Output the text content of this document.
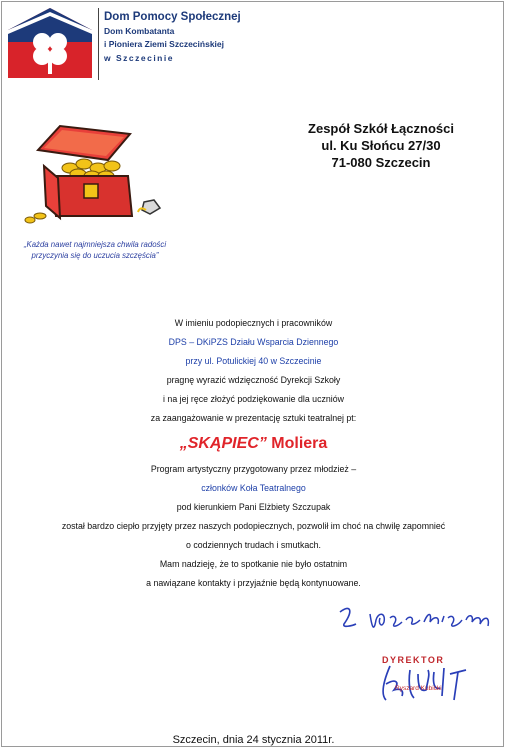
Dom Pomocy Społecznej
Dom Kombatanta
i Pioniera Ziemi Szczecińskiej
w Szczecinie
Zespół Szkół Łączności
ul. Ku Słońcu 27/30
71-080 Szczecin
„Każda nawet najmniejsza chwila radości
przyczynia się do uczucia szczęścia”
W imieniu podopiecznych i pracowników
DPS – DKiPZS Działu Wsparcia Dziennego
przy ul. Potulickiej 40 w Szczecinie
pragnę wyrazić wdzięczność Dyrekcji Szkoły
i na jej ręce złożyć podziękowanie dla uczniów
za zaangażowanie w prezentację sztuki teatralnej pt:
„SKĄPIEC” Moliera
Program artystyczny przygotowany przez młodzież –
członków Koła Teatralnego
pod kierunkiem Pani Elżbiety Szczupak
został bardzo ciepło przyjęty przez naszych podopiecznych, pozwolił im choć na chwilę zapomnieć
o codziennych trudach i smutkach.
Mam nadzieję, że to spotkanie nie było ostatnim
a nawiązane kontakty i przyjaźnie będą kontynuowane.
DYREKTOR
Ryszard Kubicki
Szczecin, dnia 24 stycznia 2011r.
